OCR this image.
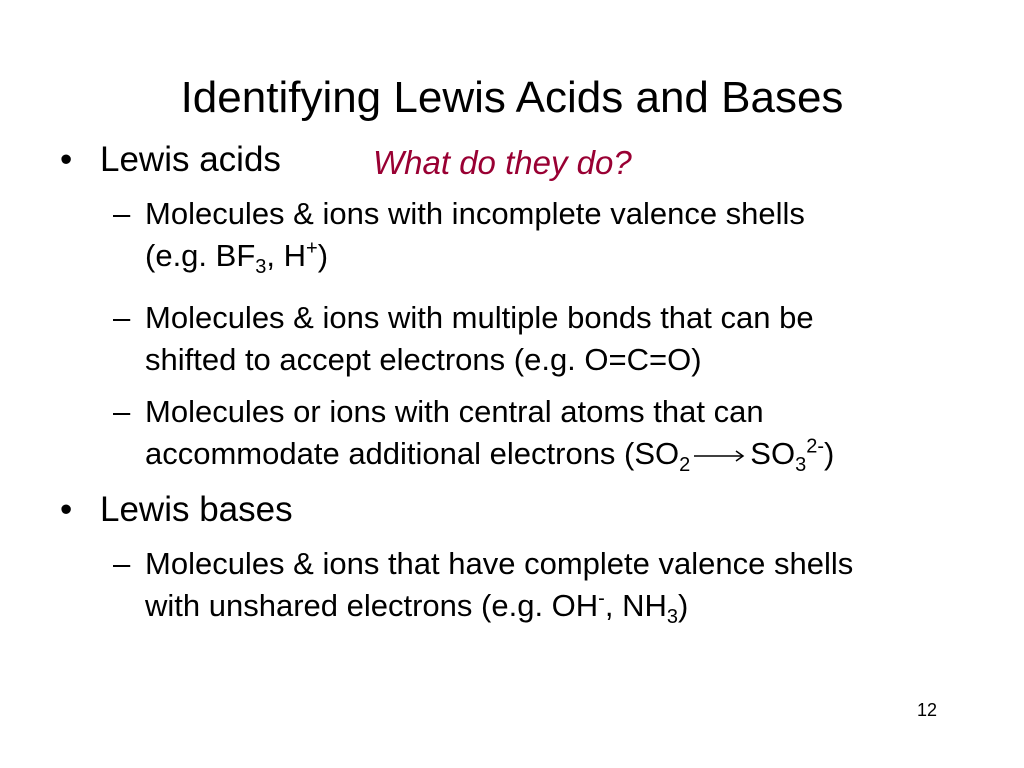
Identifying Lewis Acids and Bases
• Lewis acids	What do they do?
– Molecules & ions with incomplete valence shells
(e.g. $BF_3$, H+)
– Molecules & ions with multiple bonds that can be
shifted to accept electrons (e.g. O=C=O)
– Molecules or ions with central atoms that can
accommodate additional electrons $(SO_2 \to SO_3^{2-})$
• Lewis bases
– Molecules & ions that have complete valence shells
with unshared electrons (e.g. OH-, $NH_3$)
12
